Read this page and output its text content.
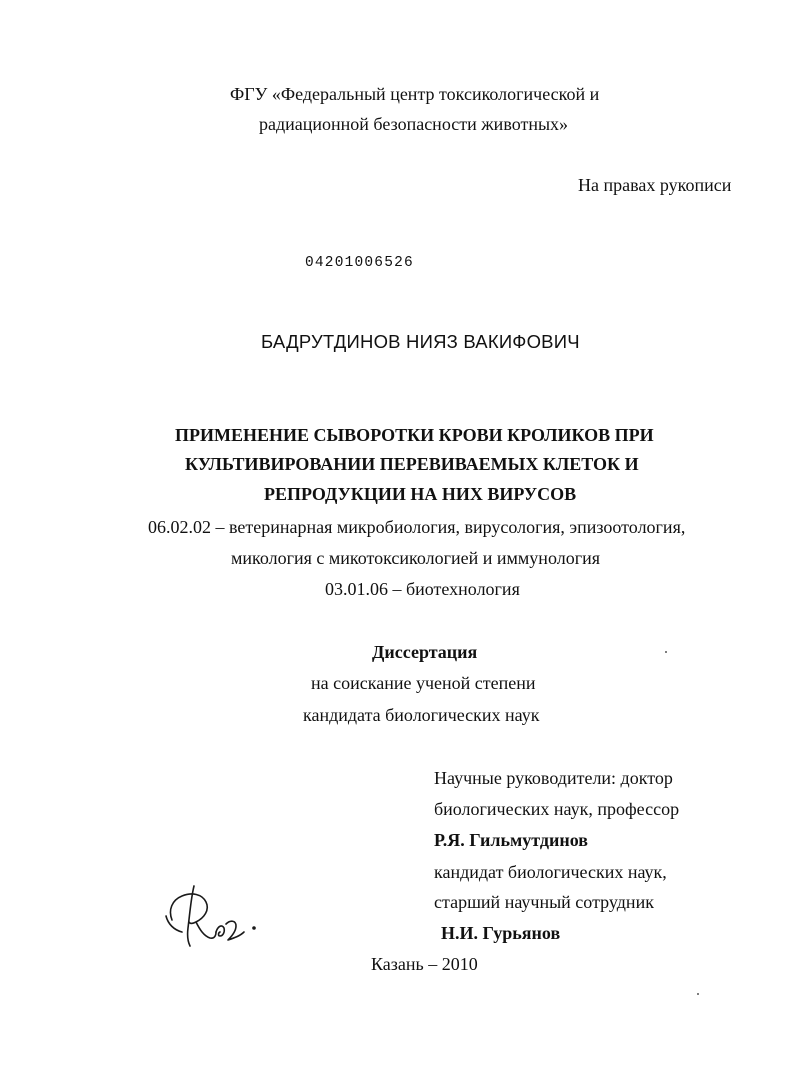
ФГУ «Федеральный центр токсикологической и
радиационной безопасности животных»
На правах рукописи
04201006526
БАДРУТДИНОВ НИЯЗ ВАКИФОВИЧ
ПРИМЕНЕНИЕ СЫВОРОТКИ КРОВИ КРОЛИКОВ ПРИ
КУЛЬТИВИРОВАНИИ ПЕРЕВИВАЕМЫХ КЛЕТОК И
РЕПРОДУКЦИИ НА НИХ ВИРУСОВ
06.02.02 – ветеринарная микробиология, вирусология, эпизоотология,
микология с микотоксикологией и иммунология
03.01.06 – биотехнология
Диссертация
на соискание ученой степени
кандидата биологических наук
Научные руководители: доктор
биологических наук, профессор
Р.Я. Гильмутдинов
кандидат биологических наук,
старший научный сотрудник
Н.И. Гурьянов
Казань – 2010
